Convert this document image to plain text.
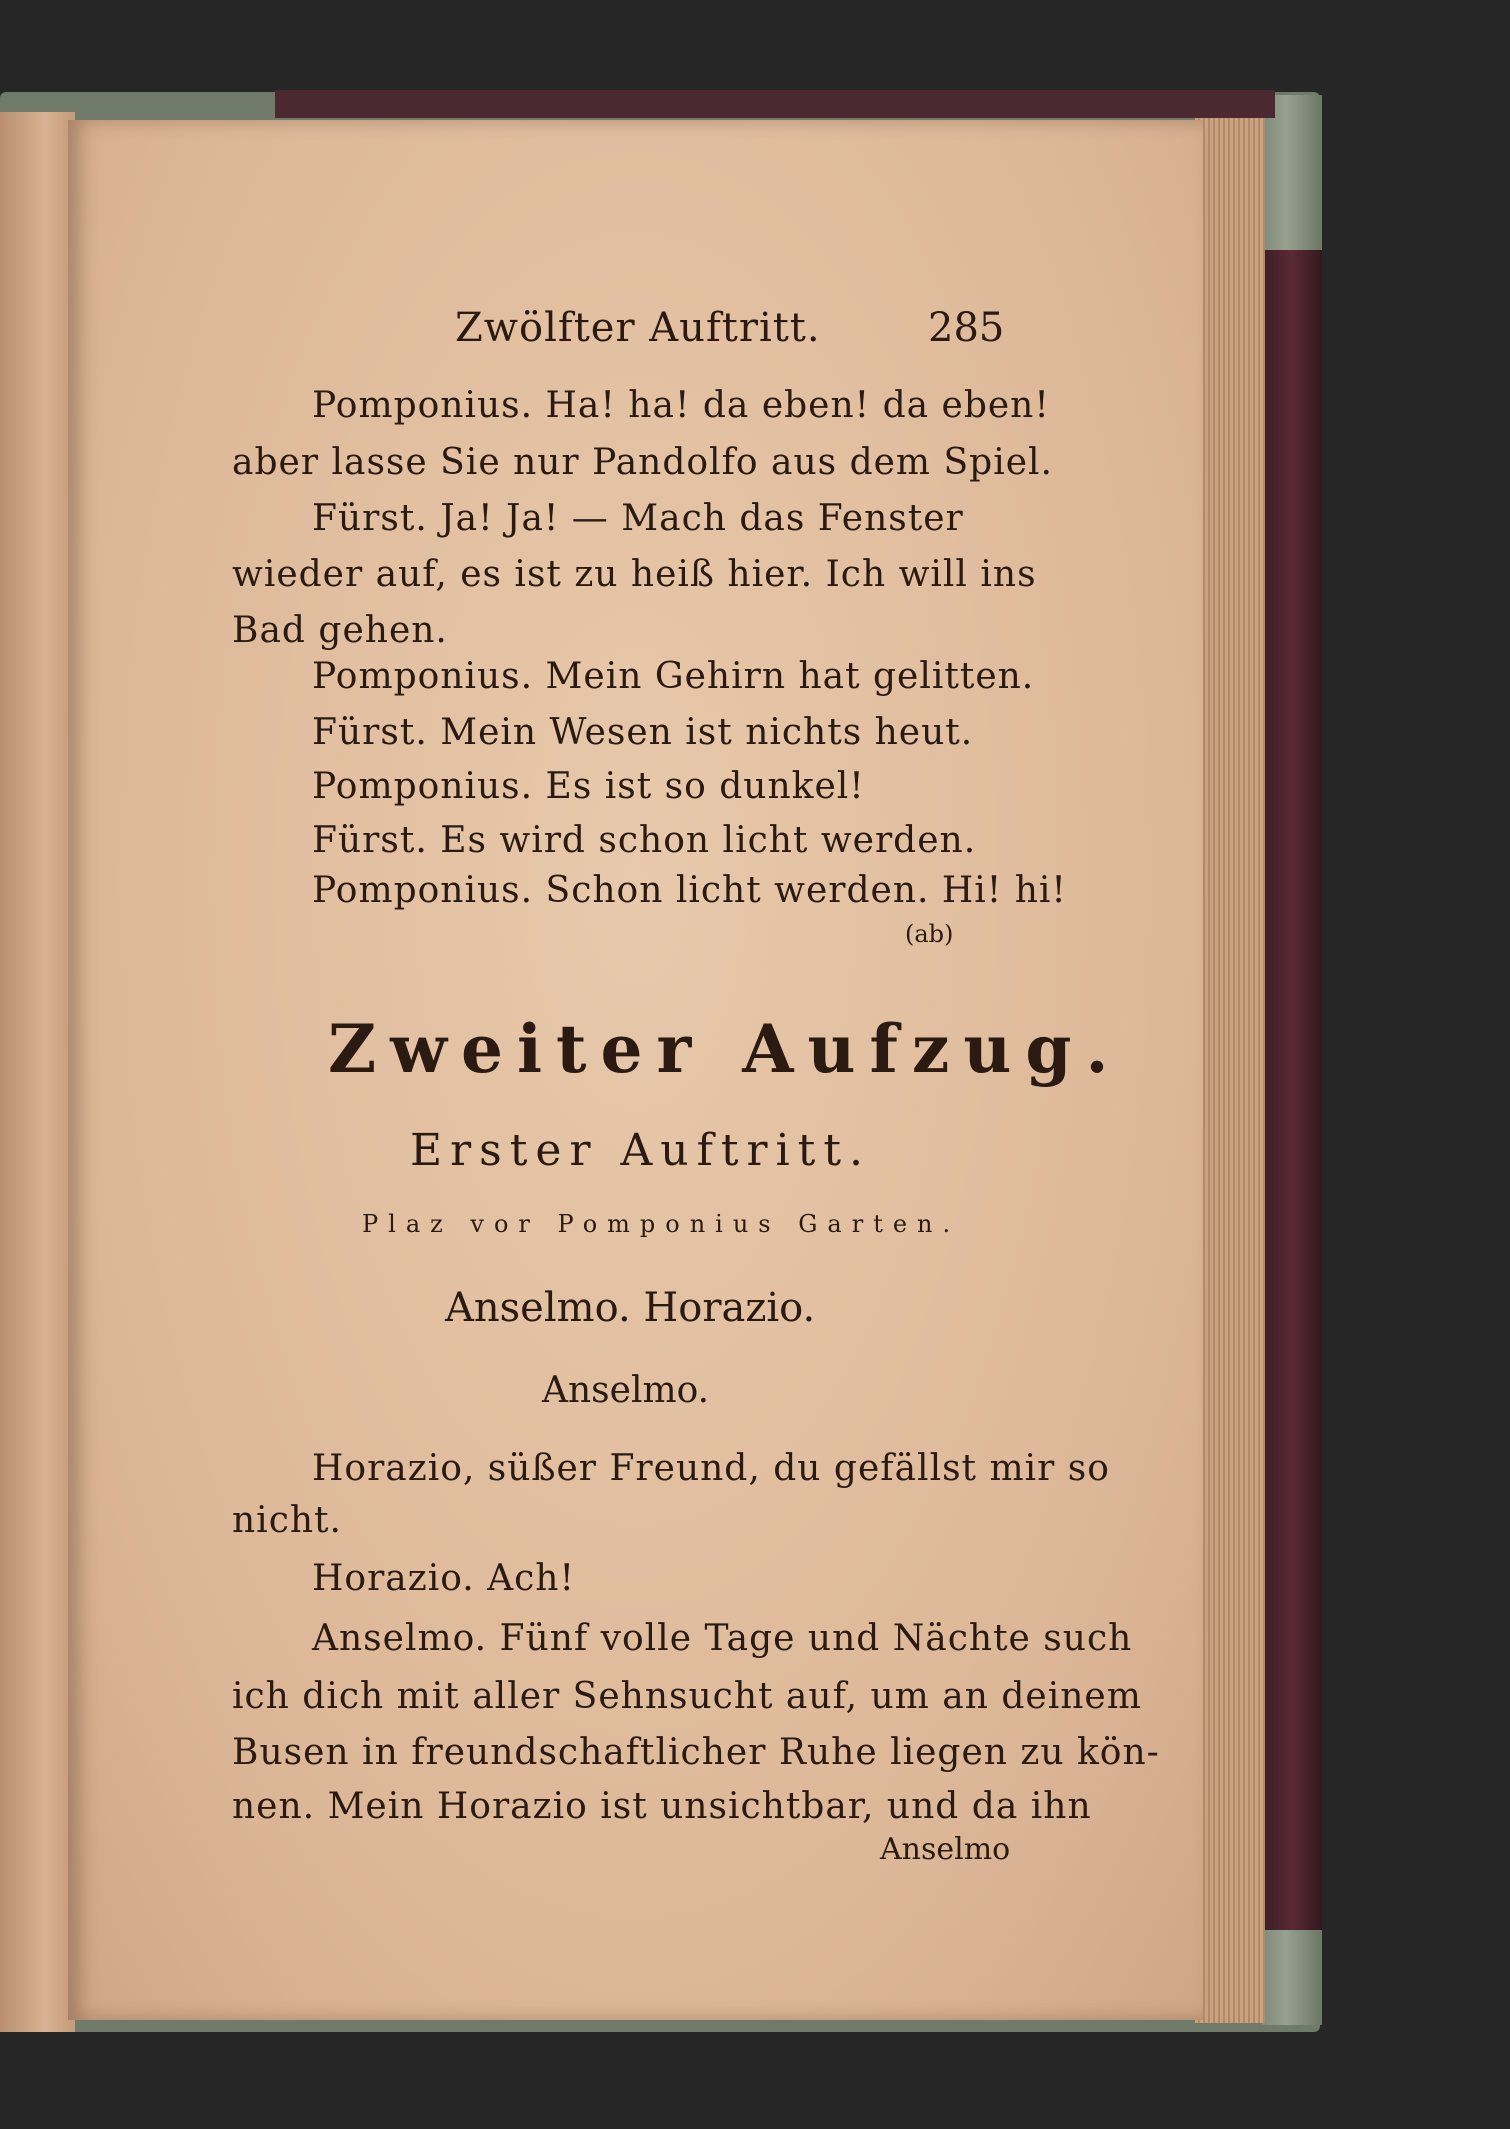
Zwölfter Auftritt.	285
Pomponius. Ha! ha! da eben! da eben!
aber lasse Sie nur Pandolfo aus dem Spiel.
Fürst. Ja! Ja! — Mach das Fenster
wieder auf, es ist zu heiß hier. Ich will ins
Bad gehen.
Pomponius. Mein Gehirn hat gelitten.
Fürst. Mein Wesen ist nichts heut.
Pomponius. Es ist so dunkel!
Fürst. Es wird schon licht werden.
Pomponius. Schon licht werden. Hi! hi!
(ab)
Zweiter Aufzug.
Erster Auftritt.
Plaz vor Pomponius Garten.
Anselmo. Horazio.
Anselmo.
Horazio, süßer Freund, du gefällst mir so
nicht.
Horazio. Ach!
Anselmo. Fünf volle Tage und Nächte such
ich dich mit aller Sehnsucht auf, um an deinem
Busen in freundschaftlicher Ruhe liegen zu kön-
nen. Mein Horazio ist unsichtbar, und da ihn
Anselmo
